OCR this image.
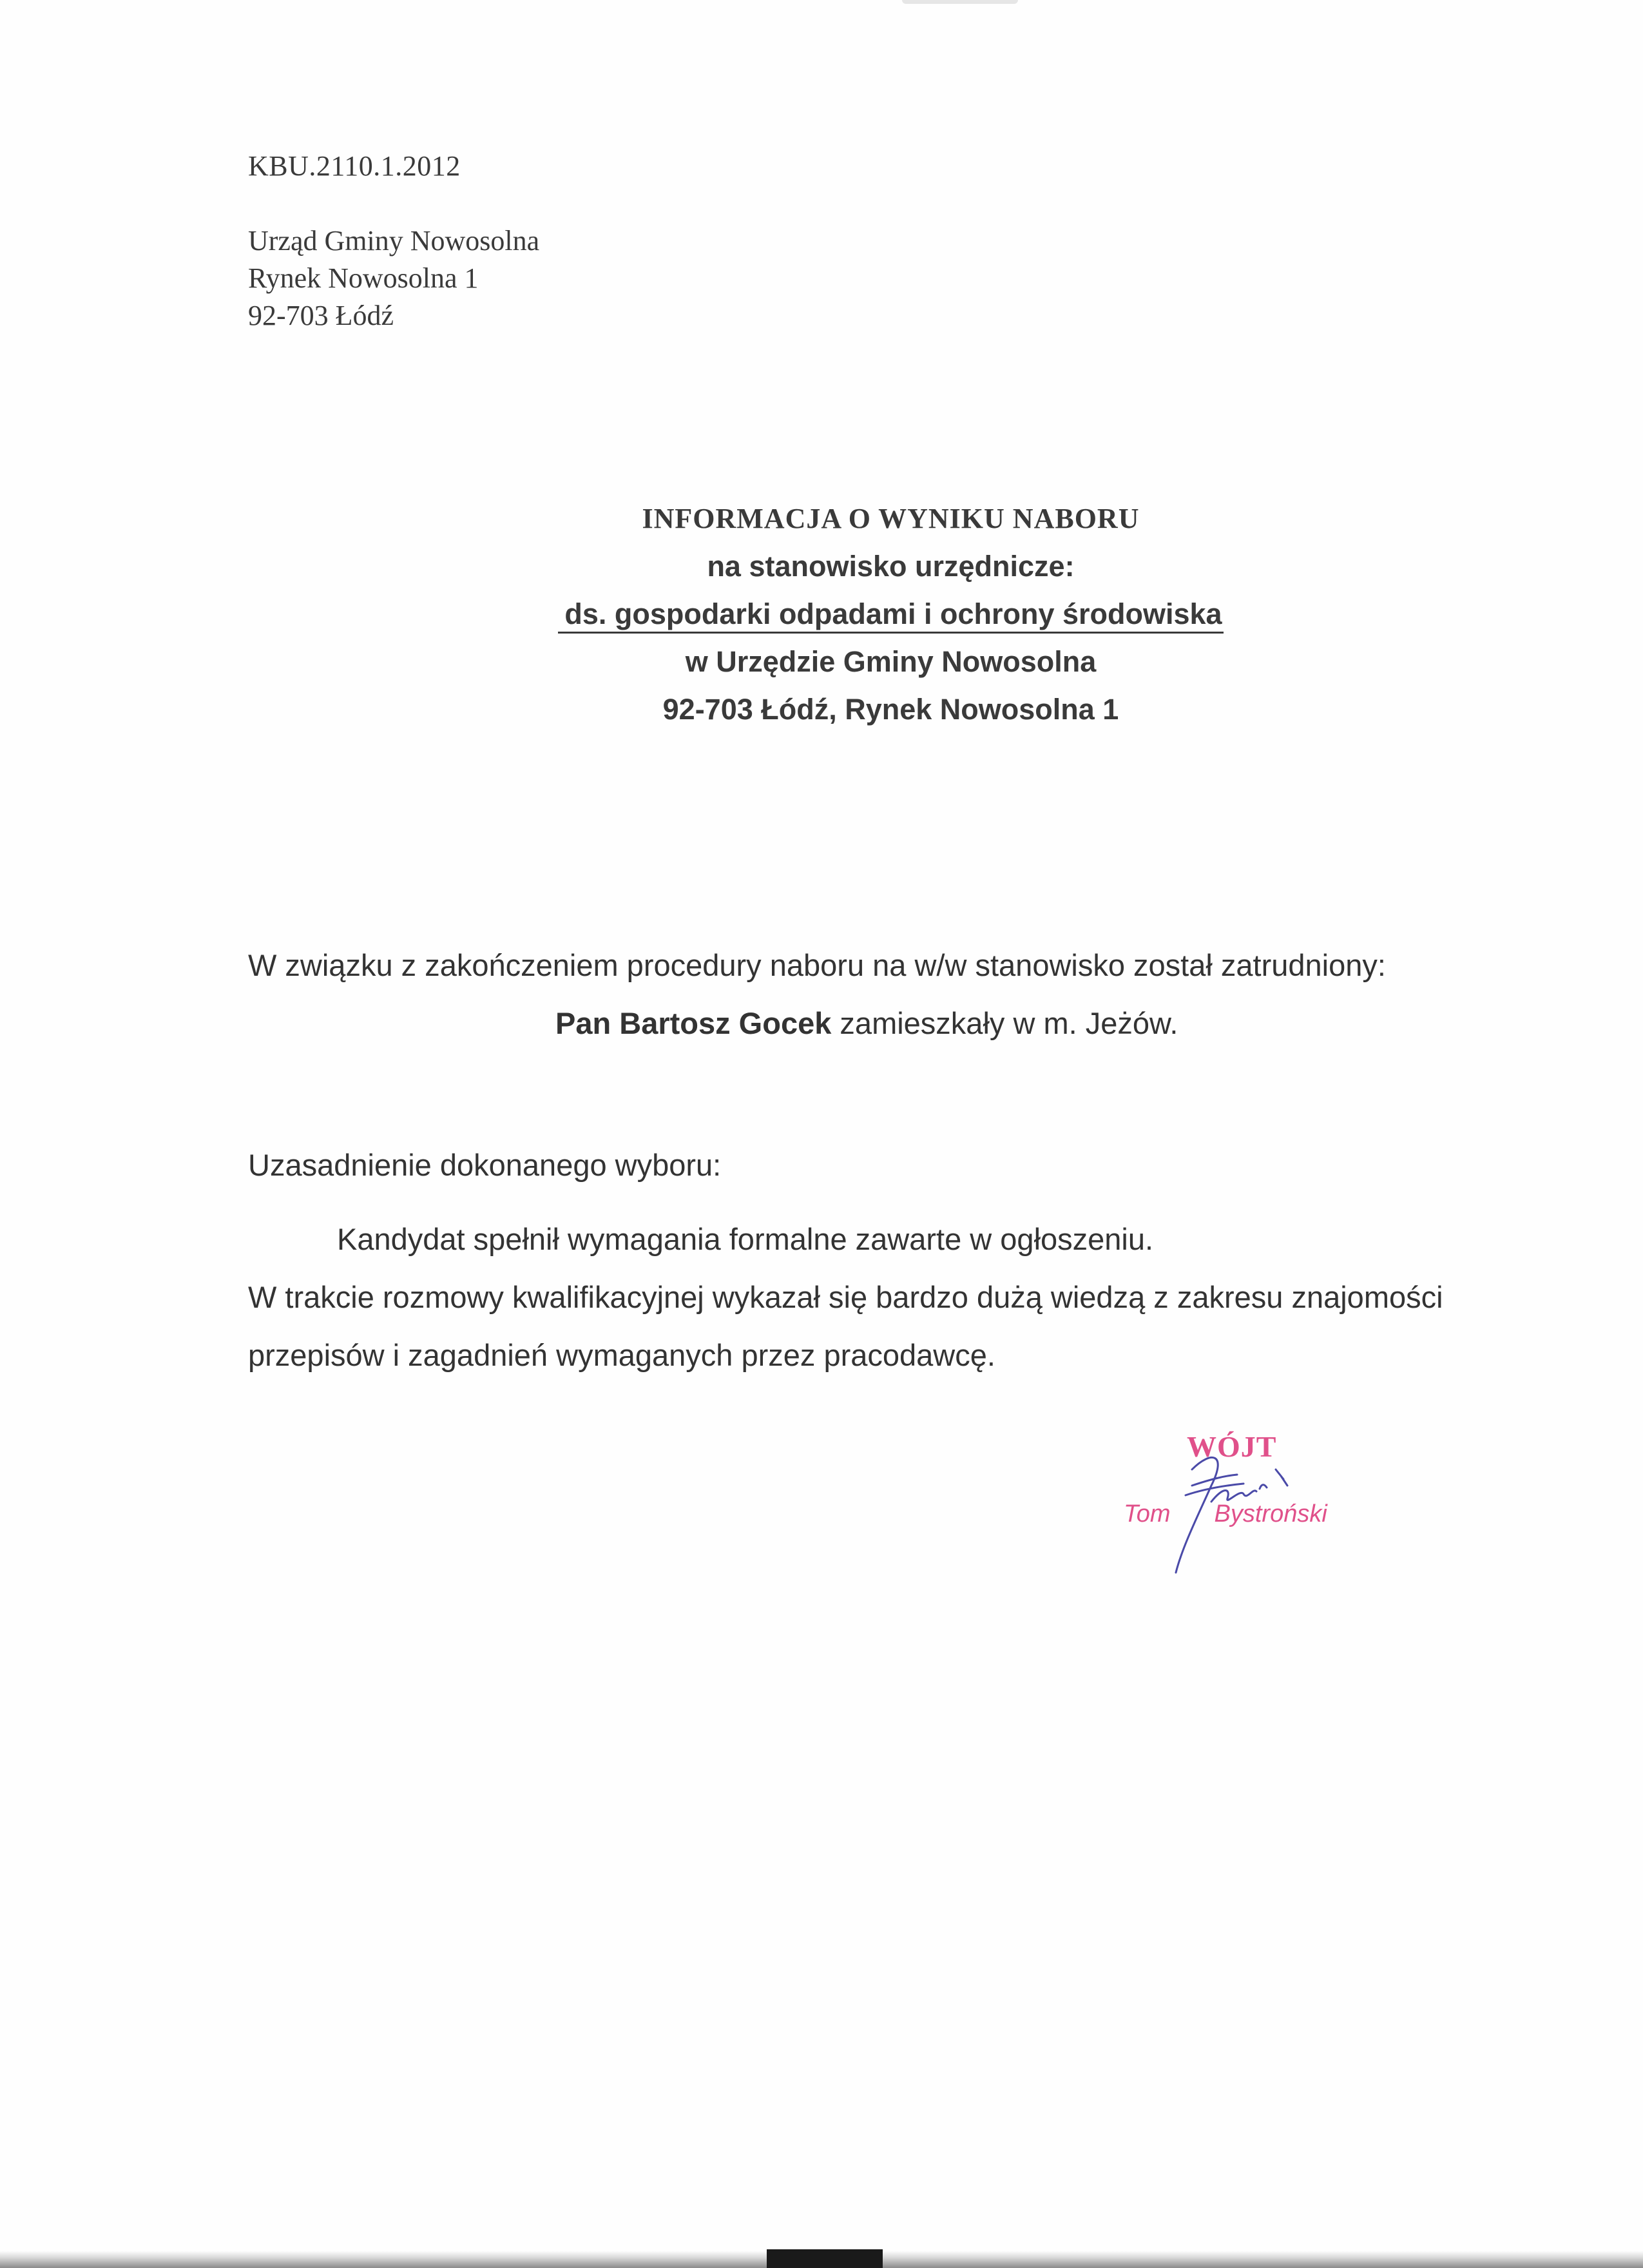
KBU.2110.1.2012
Urząd Gminy Nowosolna
Rynek Nowosolna 1
92-703 Łódź
INFORMACJA O WYNIKU NABORU
na stanowisko urzędnicze:
ds. gospodarki odpadami i ochrony środowiska
w Urzędzie Gminy Nowosolna
92-703 Łódź, Rynek Nowosolna 1
W związku z zakończeniem procedury naboru na w/w stanowisko został zatrudniony:
Pan Bartosz Gocek zamieszkały w m. Jeżów.
Uzasadnienie dokonanego wyboru:
Kandydat spełnił wymagania formalne zawarte w ogłoszeniu.
W trakcie rozmowy kwalifikacyjnej wykazał się bardzo dużą wiedzą z zakresu znajomości
przepisów i zagadnień wymaganych przez pracodawcę.
WÓJT
Tom Bystroński
